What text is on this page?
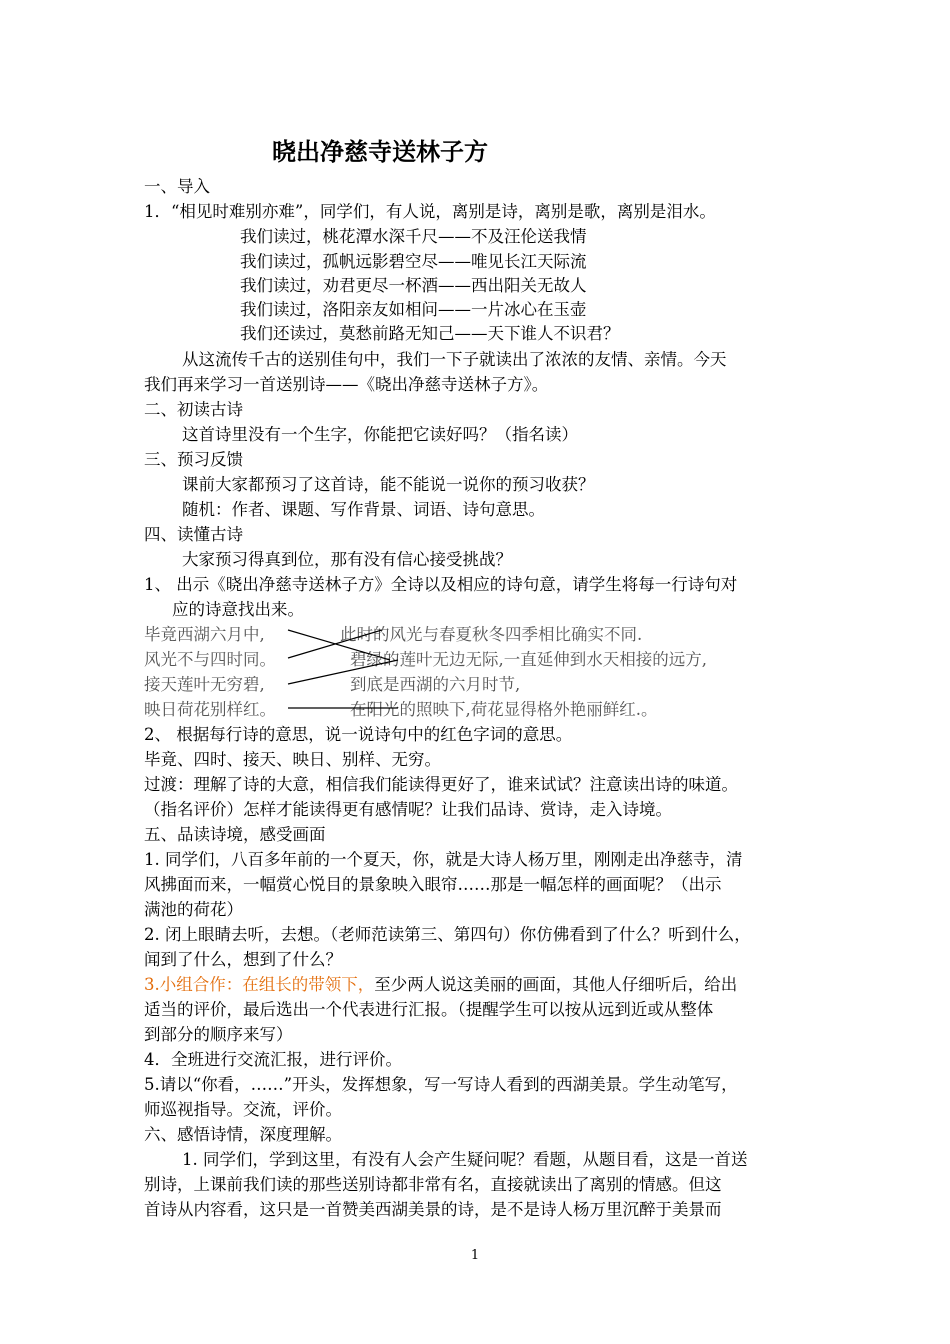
晓出净慈寺送林子方
一、导入
1．“相见时难别亦难”，同学们，有人说，离别是诗，离别是歌，离别是泪水。
我们读过，桃花潭水深千尺——不及汪伦送我情
我们读过，孤帆远影碧空尽——唯见长江天际流
我们读过，劝君更尽一杯酒——西出阳关无故人
我们读过，洛阳亲友如相问——一片冰心在玉壶
我们还读过，莫愁前路无知己——天下谁人不识君？
从这流传千古的送别佳句中，我们一下子就读出了浓浓的友情、亲情。今天
我们再来学习一首送别诗——《晓出净慈寺送林子方》。
二、初读古诗
这首诗里没有一个生字，你能把它读好吗？（指名读）
三、预习反馈
课前大家都预习了这首诗，能不能说一说你的预习收获？
随机：作者、课题、写作背景、词语、诗句意思。
四、读懂古诗
大家预习得真到位，那有没有信心接受挑战？
1、 出示《晓出净慈寺送林子方》全诗以及相应的诗句意，请学生将每一行诗句对
应的诗意找出来。
毕竟西湖六月中,
风光不与四时同。
接天莲叶无穷碧,
映日荷花别样红。
此时的风光与春夏秋冬四季相比确实不同.
碧绿的莲叶无边无际,一直延伸到水天相接的远方,
到底是西湖的六月时节,
在阳光的照映下,荷花显得格外艳丽鲜红.。
2、 根据每行诗的意思，说一说诗句中的红色字词的意思。
毕竟、四时、接天、映日、别样、无穷。
过渡：理解了诗的大意，相信我们能读得更好了，谁来试试？注意读出诗的味道。
（指名评价）怎样才能读得更有感情呢？让我们品诗、赏诗，走入诗境。
五、品读诗境，感受画面
1. 同学们，八百多年前的一个夏天，你，就是大诗人杨万里，刚刚走出净慈寺，清
风拂面而来，一幅赏心悦目的景象映入眼帘……那是一幅怎样的画面呢？（出示
满池的荷花）
2. 闭上眼睛去听，去想。（老师范读第三、第四句）你仿佛看到了什么？听到什么，
闻到了什么，想到了什么？
3.小组合作：在组长的带领下，至少两人说这美丽的画面，其他人仔细听后，给出
适当的评价，最后选出一个代表进行汇报。（提醒学生可以按从远到近或从整体
到部分的顺序来写）
4．全班进行交流汇报，进行评价。
5.请以“你看，……”开头，发挥想象，写一写诗人看到的西湖美景。学生动笔写，
师巡视指导。交流，评价。
六、感悟诗情，深度理解。
1. 同学们，学到这里，有没有人会产生疑问呢？看题，从题目看，这是一首送
别诗，上课前我们读的那些送别诗都非常有名，直接就读出了离别的情感。但这
首诗从内容看，这只是一首赞美西湖美景的诗，是不是诗人杨万里沉醉于美景而
1
